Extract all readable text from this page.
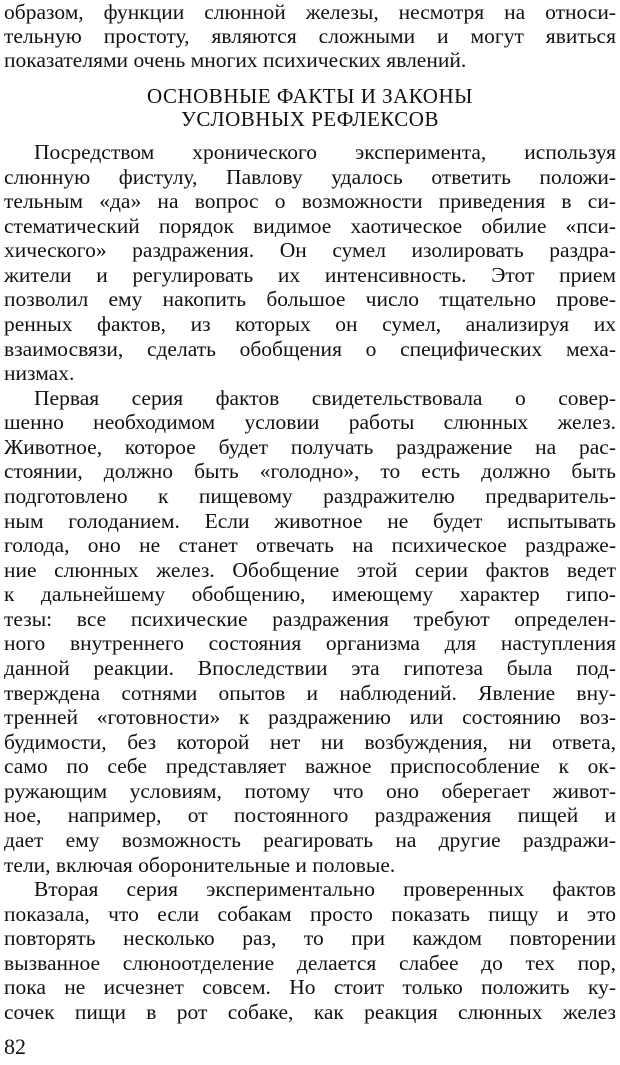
образом, функции слюнной железы, несмотря на относи-
тельную простоту, являются сложными и могут явиться
показателями очень многих психических явлений.
ОСНОВНЫЕ ФАКТЫ И ЗАКОНЫ
УСЛОВНЫХ РЕФЛЕКСОВ
Посредством хронического эксперимента, используя
слюнную фистулу, Павлову удалось ответить положи-
тельным «да» на вопрос о возможности приведения в си-
стематический порядок видимое хаотическое обилие «пси-
хического» раздражения. Он сумел изолировать раздра-
жители и регулировать их интенсивность. Этот прием
позволил ему накопить большое число тщательно прове-
ренных фактов, из которых он сумел, анализируя их
взаимосвязи, сделать обобщения о специфических меха-
низмах.
Первая серия фактов свидетельствовала о совер-
шенно необходимом условии работы слюнных желез.
Животное, которое будет получать раздражение на рас-
стоянии, должно быть «голодно», то есть должно быть
подготовлено к пищевому раздражителю предваритель-
ным голоданием. Если животное не будет испытывать
голода, оно не станет отвечать на психическое раздраже-
ние слюнных желез. Обобщение этой серии фактов ведет
к дальнейшему обобщению, имеющему характер гипо-
тезы: все психические раздражения требуют определен-
ного внутреннего состояния организма для наступления
данной реакции. Впоследствии эта гипотеза была под-
тверждена сотнями опытов и наблюдений. Явление вну-
тренней «готовности» к раздражению или состоянию воз-
будимости, без которой нет ни возбуждения, ни ответа,
само по себе представляет важное приспособление к ок-
ружающим условиям, потому что оно оберегает живот-
ное, например, от постоянного раздражения пищей и
дает ему возможность реагировать на другие раздражи-
тели, включая оборонительные и половые.
Вторая серия экспериментально проверенных фактов
показала, что если собакам просто показать пищу и это
повторять несколько раз, то при каждом повторении
вызванное слюноотделение делается слабее до тех пор,
пока не исчезнет совсем. Но стоит только положить ку-
сочек пищи в рот собаке, как реакция слюнных желез
82
